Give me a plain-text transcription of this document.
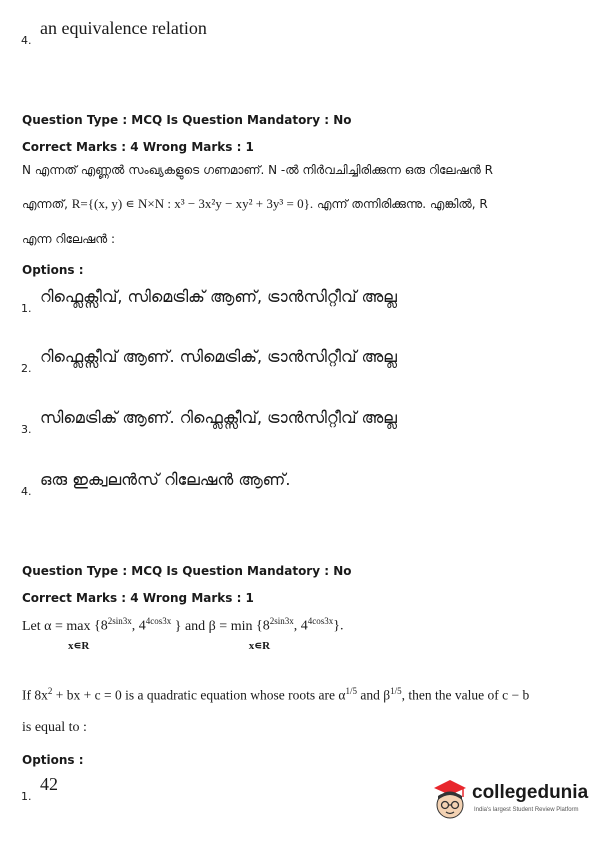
4.
an equivalence relation
Question Type : MCQ Is Question Mandatory : No
Correct Marks : 4 Wrong Marks : 1
N എന്നത് എണ്ണൽ സംഖ്യകളുടെ ഗണമാണ്. N -ൽ നിർവചിച്ചിരിക്കുന്ന ഒരു റിലേഷൻ R
എന്നത്, R={(x, y) ∊ N×N : x³ − 3x²y − xy² + 3y³ = 0}. എന്ന് തന്നിരിക്കുന്നു. എങ്കിൽ, R
എന്ന റിലേഷൻ :
Options :
1.
റിഫ്ലെക്സീവ്, സിമെട്രിക് ആണ്, ട്രാൻസിറ്റീവ് അല്ല
2.
റിഫ്ലെക്സീവ് ആണ്. സിമെട്രിക്, ട്രാൻസിറ്റീവ് അല്ല
3.
സിമെട്രിക് ആണ്. റിഫ്ലെക്സീവ്, ട്രാൻസിറ്റീവ് അല്ല
4.
ഒരു ഇക്വലൻസ് റിലേഷൻ ആണ്.
Question Type : MCQ Is Question Mandatory : No
Correct Marks : 4 Wrong Marks : 1
Let α = max
x∊R
{$8^{2sin3x}$, $4^{4cos3x}$ } and β = min
x∊R
{$8^{2sin3x}$, $4^{4cos3x}$}.
If $8x^2$ + bx + c = 0 is a quadratic equation whose roots are $\alpha^{1/5}$ and $\beta^{1/5}$, then the value of c − b
is equal to :
Options :
1.
42	collegedunia
India's largest Student Review Platform
